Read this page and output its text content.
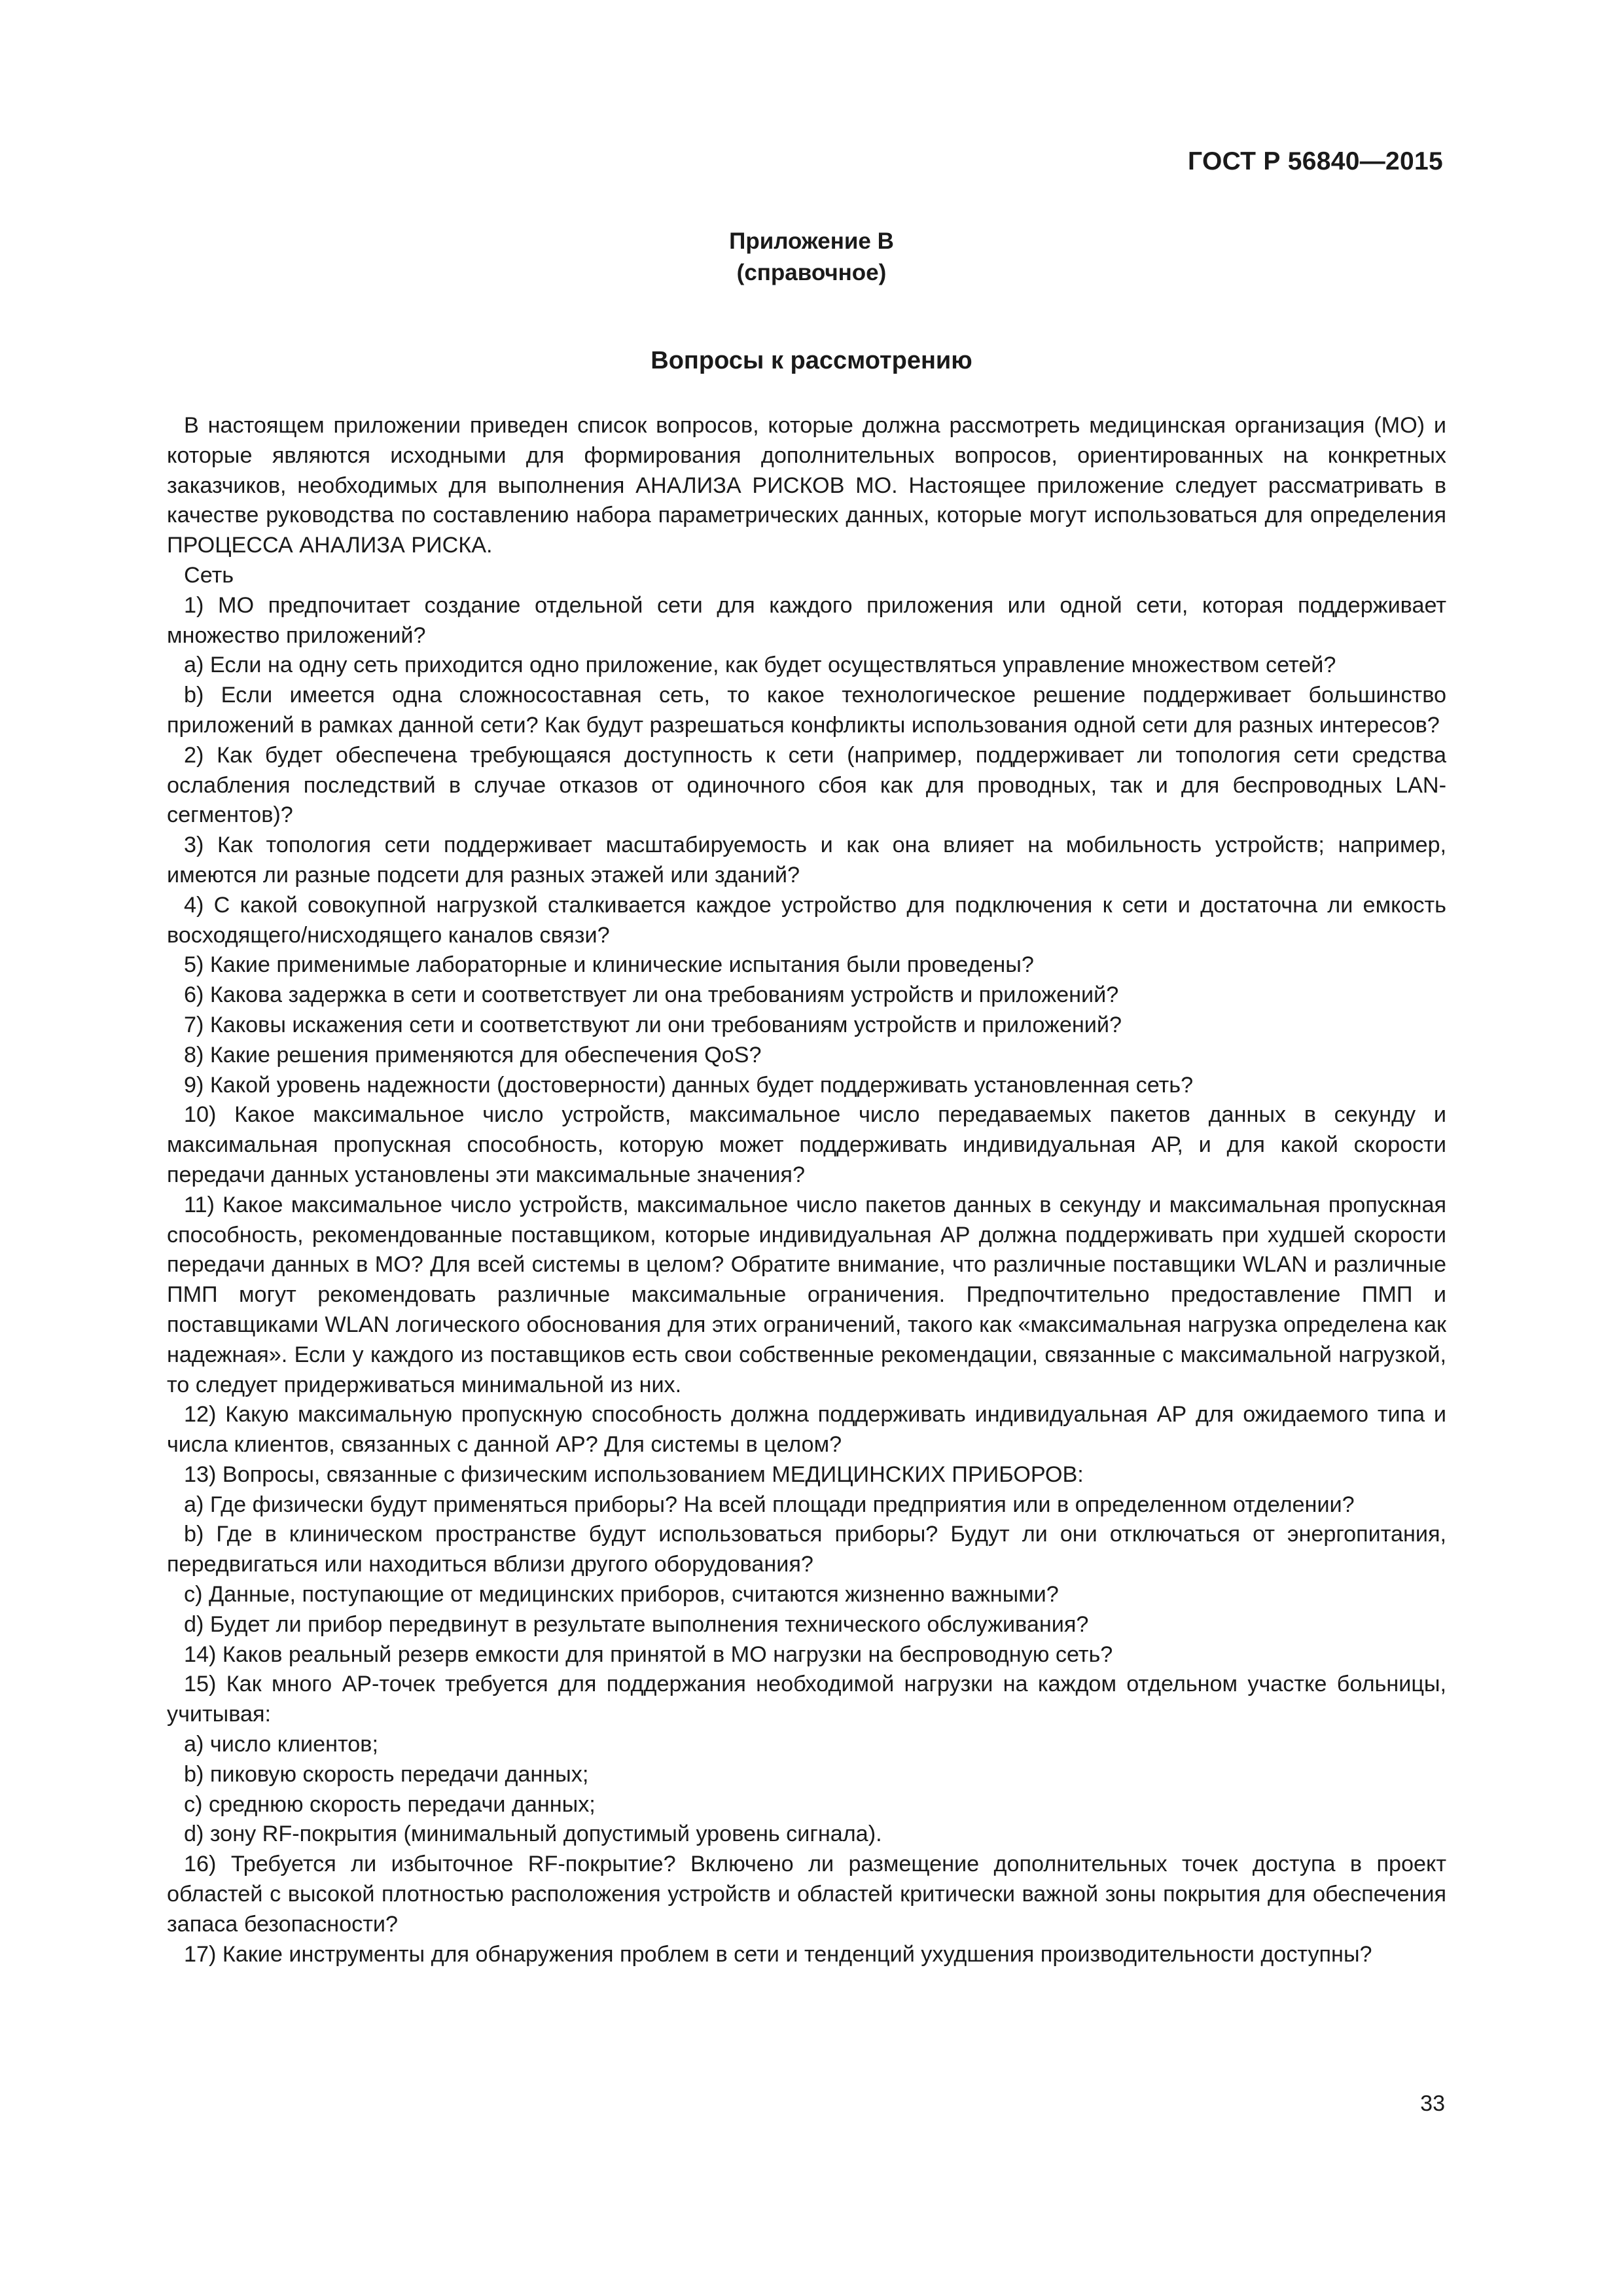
ГОСТ Р 56840—2015
Приложение В
(справочное)
Вопросы к рассмотрению

В настоящем приложении приведен список вопросов, которые должна рассмотреть медицинская организация (МО) и которые являются исходными для формирования дополнительных вопросов, ориентированных на конкретных заказчиков, необходимых для выполнения АНАЛИЗА РИСКОВ МО. Настоящее приложение следует рассматривать в качестве руководства по составлению набора параметрических данных, которые могут использоваться для определения ПРОЦЕССА АНАЛИЗА РИСКА.

Сеть

1) МО предпочитает создание отдельной сети для каждого приложения или одной сети, которая поддерживает множество приложений?

а) Если на одну сеть приходится одно приложение, как будет осуществляться управление множеством сетей?

b) Если имеется одна сложносоставная сеть, то какое технологическое решение поддерживает большинство приложений в рамках данной сети? Как будут разрешаться конфликты использования одной сети для разных интересов?

2) Как будет обеспечена требующаяся доступность к сети (например, поддерживает ли топология сети средства ослабления последствий в случае отказов от одиночного сбоя как для проводных, так и для беспроводных LAN-сегментов)?

3) Как топология сети поддерживает масштабируемость и как она влияет на мобильность устройств; например, имеются ли разные подсети для разных этажей или зданий?

4) С какой совокупной нагрузкой сталкивается каждое устройство для подключения к сети и достаточна ли емкость восходящего/нисходящего каналов связи?

5) Какие применимые лабораторные и клинические испытания были проведены?

6) Какова задержка в сети и соответствует ли она требованиям устройств и приложений?

7) Каковы искажения сети и соответствуют ли они требованиям устройств и приложений?

8) Какие решения применяются для обеспечения QoS?

9) Какой уровень надежности (достоверности) данных будет поддерживать установленная сеть?

10) Какое максимальное число устройств, максимальное число передаваемых пакетов данных в секунду и максимальная пропускная способность, которую может поддерживать индивидуальная АР, и для какой скорости передачи данных установлены эти максимальные значения?

11) Какое максимальное число устройств, максимальное число пакетов данных в секунду и максимальная пропускная способность, рекомендованные поставщиком, которые индивидуальная АР должна поддерживать при худшей скорости передачи данных в МО? Для всей системы в целом? Обратите внимание, что различные поставщики WLAN и различные ПМП могут рекомендовать различные максимальные ограничения. Предпочтительно предоставление ПМП и поставщиками WLAN логического обоснования для этих ограничений, такого как «максимальная нагрузка определена как надежная». Если у каждого из поставщиков есть свои собственные рекомендации, связанные с максимальной нагрузкой, то следует придерживаться минимальной из них.

12) Какую максимальную пропускную способность должна поддерживать индивидуальная АР для ожидаемого типа и числа клиентов, связанных с данной АР? Для системы в целом?

13) Вопросы, связанные с физическим использованием МЕДИЦИНСКИХ ПРИБОРОВ:

а) Где физически будут применяться приборы? На всей площади предприятия или в определенном отделении?

b) Где в клиническом пространстве будут использоваться приборы? Будут ли они отключаться от энергопитания, передвигаться или находиться вблизи другого оборудования?

с) Данные, поступающие от медицинских приборов, считаются жизненно важными?

d) Будет ли прибор передвинут в результате выполнения технического обслуживания?

14) Каков реальный резерв емкости для принятой в МО нагрузки на беспроводную сеть?

15) Как много АР-точек требуется для поддержания необходимой нагрузки на каждом отдельном участке больницы, учитывая:

а) число клиентов;

b) пиковую скорость передачи данных;

с) среднюю скорость передачи данных;

d) зону RF-покрытия (минимальный допустимый уровень сигнала).

16) Требуется ли избыточное RF-покрытие? Включено ли размещение дополнительных точек доступа в проект областей с высокой плотностью расположения устройств и областей критически важной зоны покрытия для обеспечения запаса безопасности?

17) Какие инструменты для обнаружения проблем в сети и тенденций ухудшения производительности доступны?

33
